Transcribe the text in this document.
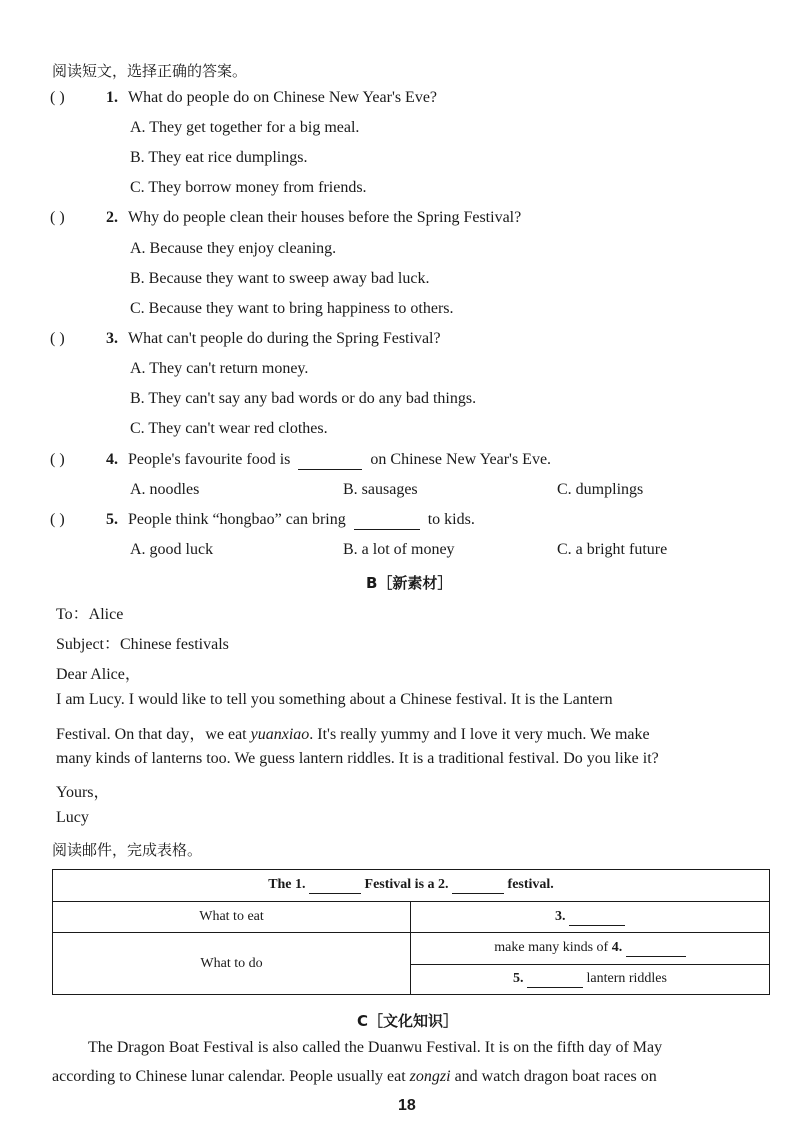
阅读短文，选择正确的答案。
( )	1. What do people do on Chinese New Year's Eve?
A. They get together for a big meal.
B. They eat rice dumplings.
C. They borrow money from friends.
( )	2. Why do people clean their houses before the Spring Festival?
A. Because they enjoy cleaning.
B. Because they want to sweep away bad luck.
C. Because they want to bring happiness to others.
( )	3. What can't people do during the Spring Festival?
A. They can't return money.
B. They can't say any bad words or do any bad things.
C. They can't wear red clothes.
( )	4. People's favourite food is	on Chinese New Year's Eve.
A. noodles	B. sausages	C. dumplings
( )	5. People think “hongbao” can bring	to kids.
A. good luck	B. a lot of money	C. a bright future
B［新素材］
To：Alice
Subject：Chinese festivals
Dear Alice，
I am Lucy. I would like to tell you something about a Chinese festival. It is the Lantern
Festival. On that day，we eat yuanxiao. It's really yummy and I love it very much. We make
many kinds of lanterns too. We guess lantern riddles. It is a traditional festival. Do you like it?
Yours，
Lucy
阅读邮件，完成表格。
The 1. Festival is a 2. festival.	
What to eat	3.
What to do	make many kinds of 4.
	5. lantern riddles
C［文化知识］
The Dragon Boat Festival is also called the Duanwu Festival. It is on the fifth day of May
according to Chinese lunar calendar. People usually eat zongzi and watch dragon boat races on
18
